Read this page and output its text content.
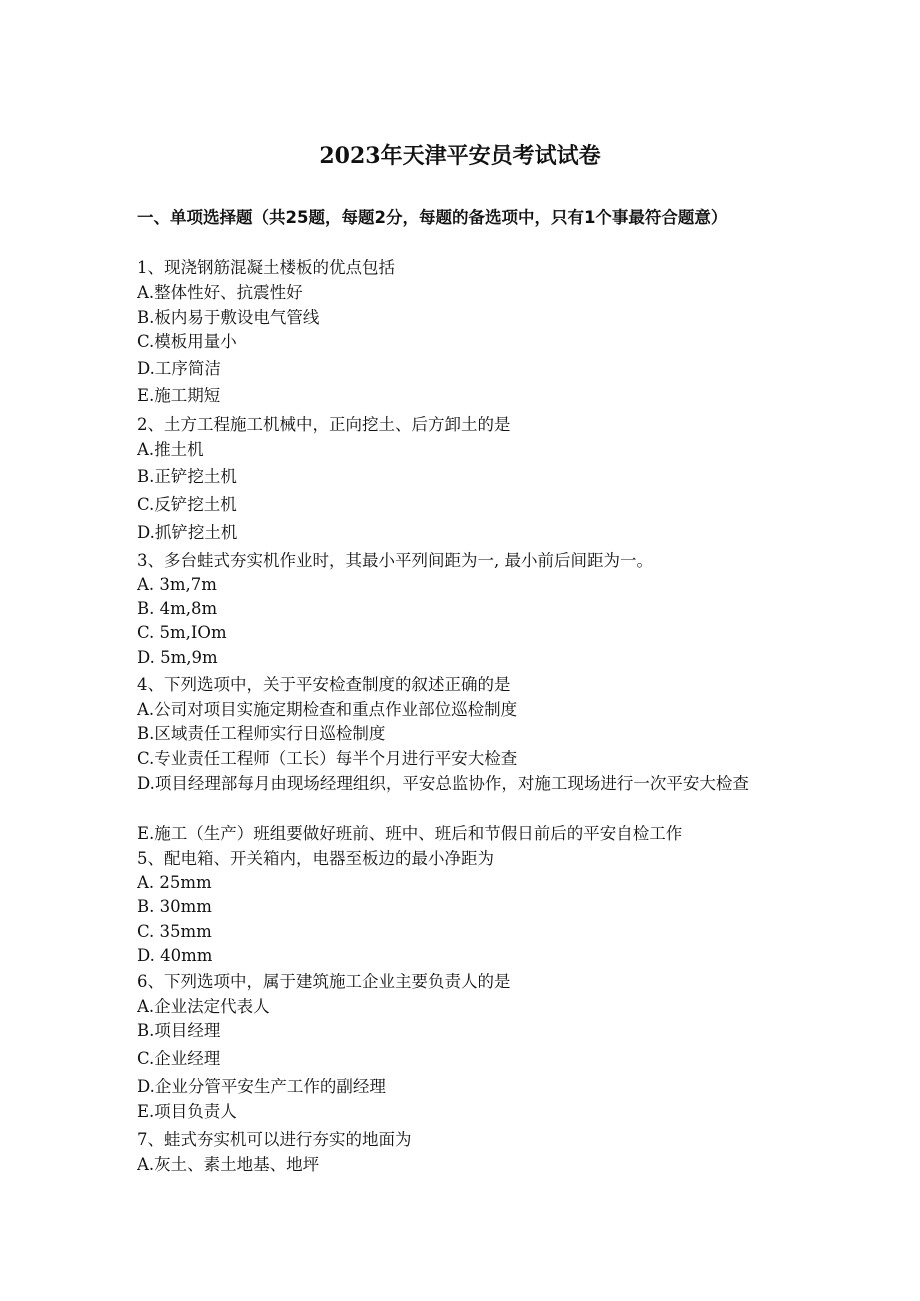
2023年天津平安员考试试卷
一、单项选择题（共25题，每题2分，每题的备选项中，只有1个事最符合题意）
1、现浇钢筋混凝土楼板的优点包括
A.整体性好、抗震性好
B.板内易于敷设电气管线
C.模板用量小
D.工序简洁
E.施工期短
2、土方工程施工机械中，正向挖土、后方卸土的是
A.推土机
B.正铲挖土机
C.反铲挖土机
D.抓铲挖土机
3、多台蛙式夯实机作业时，其最小平列间距为一, 最小前后间距为一。
A. 3m,7m
B. 4m,8m
C. 5m,IOm
D. 5m,9m
4、下列选项中，关于平安检查制度的叙述正确的是
A.公司对项目实施定期检查和重点作业部位巡检制度
B.区域责任工程师实行日巡检制度
C.专业责任工程师（工长）每半个月进行平安大检查
D.项目经理部每月由现场经理组织，平安总监协作，对施工现场进行一次平安大检查
E.施工（生产）班组要做好班前、班中、班后和节假日前后的平安自检工作
5、配电箱、开关箱内，电器至板边的最小净距为
A. 25mm
B. 30mm
C. 35mm
D. 40mm
6、下列选项中，属于建筑施工企业主要负责人的是
A.企业法定代表人
B.项目经理
C.企业经理
D.企业分管平安生产工作的副经理
E.项目负责人
7、蛙式夯实机可以进行夯实的地面为
A.灰土、素土地基、地坪
